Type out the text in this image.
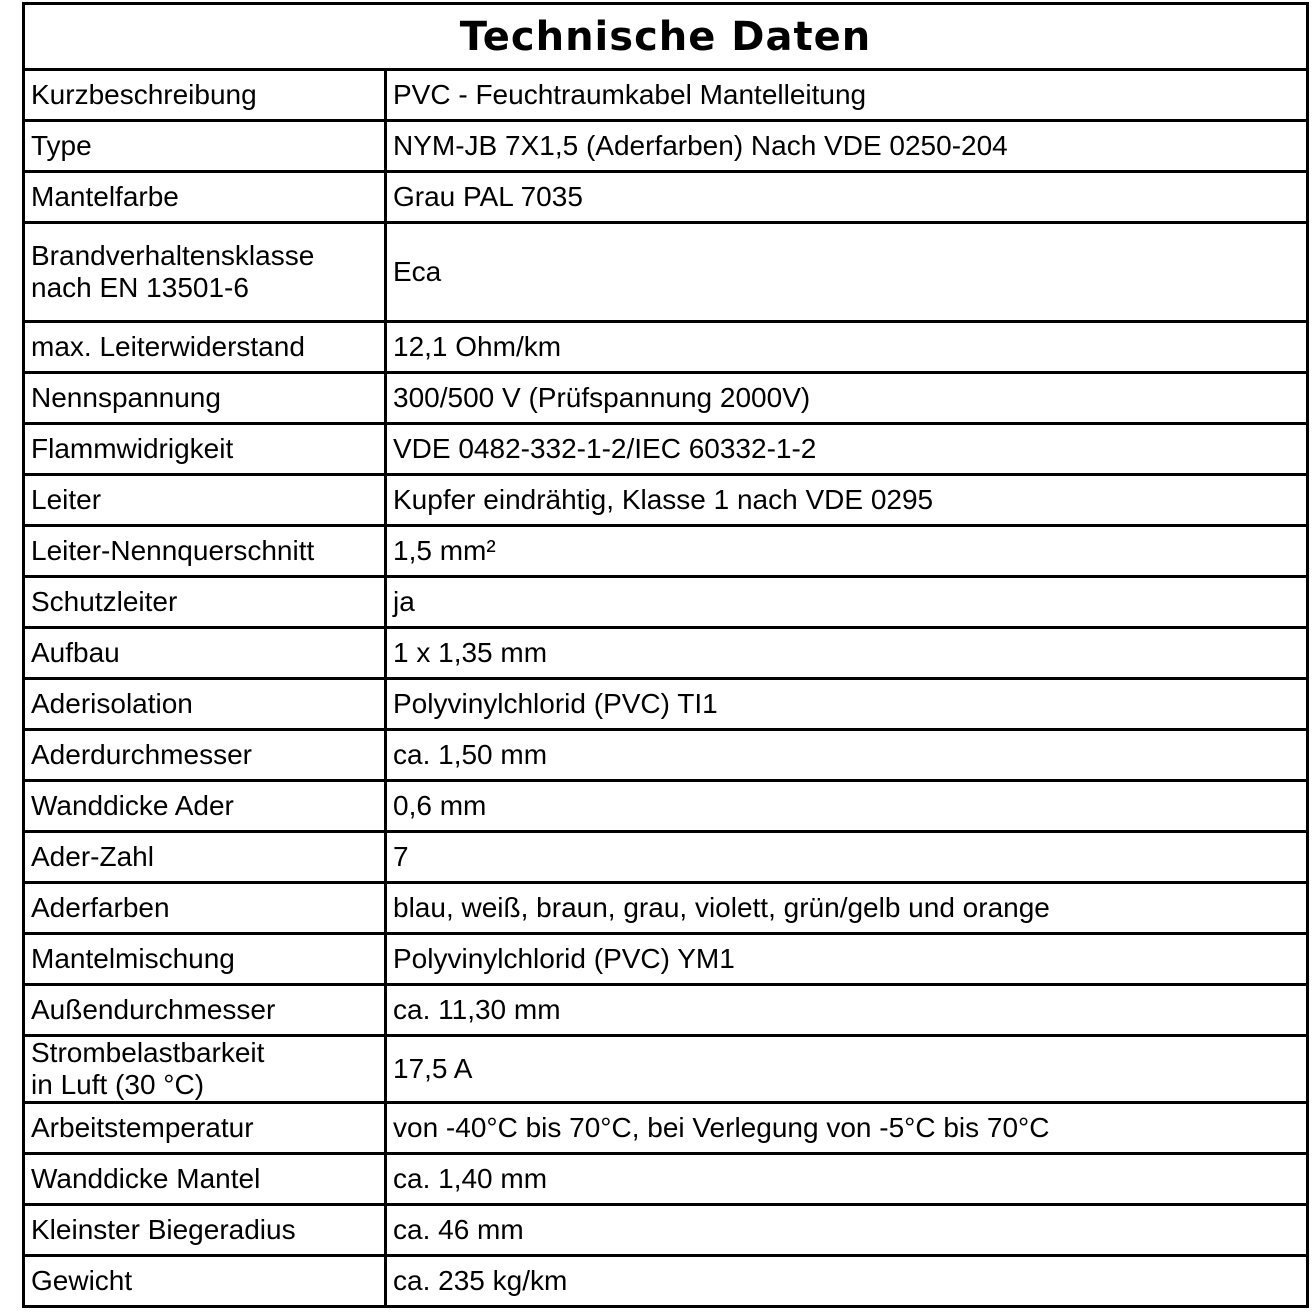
Technische Daten	
Kurzbeschreibung	PVC - Feuchtraumkabel Mantelleitung
Type	NYM-JB 7X1,5 (Aderfarben) Nach VDE 0250-204
Mantelfarbe	Grau PAL 7035
Brandverhaltensklasse
nach EN 13501-6	Eca
max. Leiterwiderstand	12,1 Ohm/km
Nennspannung	300/500 V (Prüfspannung 2000V)
Flammwidrigkeit	VDE 0482-332-1-2/IEC 60332-1-2
Leiter	Kupfer eindrähtig, Klasse 1 nach VDE 0295
Leiter-Nennquerschnitt	1,5 mm²
Schutzleiter	ja
Aufbau	1 x 1,35 mm
Aderisolation	Polyvinylchlorid (PVC) TI1
Aderdurchmesser	ca. 1,50 mm
Wanddicke Ader	0,6 mm
Ader-Zahl	7
Aderfarben	blau, weiß, braun, grau, violett, grün/gelb und orange
Mantelmischung	Polyvinylchlorid (PVC) YM1
Außendurchmesser	ca. 11,30 mm
Strombelastbarkeit
in Luft (30 °C)	17,5 A
Arbeitstemperatur	von -40°C bis 70°C, bei Verlegung von -5°C bis 70°C
Wanddicke Mantel	ca. 1,40 mm
Kleinster Biegeradius	ca. 46 mm
Gewicht	ca. 235 kg/km
